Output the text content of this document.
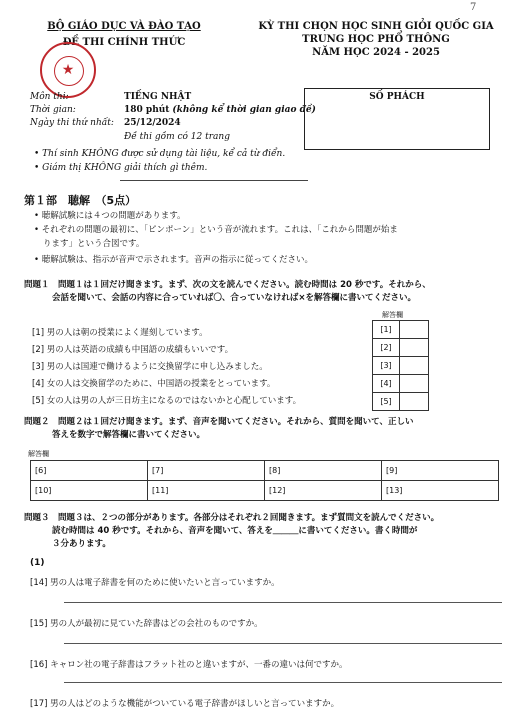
7
BỘ GIÁO DỤC VÀ ĐÀO TẠO
ĐỀ THI CHÍNH THỨC
★
KỲ THI CHỌN HỌC SINH GIỎI QUỐC GIA
TRUNG HỌC PHỔ THÔNG
NĂM HỌC 2024 - 2025
Môn thi:	TIẾNG NHẬT
Thời gian:	180 phút (không kể thời gian giao đề)
Ngày thi thứ nhất: 25/12/2024
Đề thi gồm có 12 trang
SỐ PHÁCH
• Thí sinh KHÔNG được sử dụng tài liệu, kể cả từ điển.
• Giám thị KHÔNG giải thích gì thêm.
第１部　聴解　（5点）
• 聴解試験には４つの問題があります。
• それぞれの問題の最初に、「ピンポーン」という音が流れます。これは、「これから問題が始ま
ります」という合図です。
• 聴解試験は、指示が音声で示されます。音声の指示に従ってください。
問題１　問題１は１回だけ聞きます。まず、次の文を読んでください。読む時間は 20 秒です。それから、
会話を聞いて、会話の内容に合っていれば〇、合っていなければ×を解答欄に書いてください。
解答欄
[1] 男の人は朝の授業によく遅刻しています。
[2] 男の人は英語の成績も中国語の成績もいいです。
[3] 男の人は国連で働けるように交換留学に申し込みました。
[4] 女の人は交換留学のために、中国語の授業をとっています。
[5] 女の人は男の人が三日坊主になるのではないかと心配しています。
[1]	
[2]	
[3]	
[4]	
[5]	
問題２　問題２は１回だけ聞きます。まず、音声を聞いてください。それから、質問を聞いて、正しい
答えを数字で解答欄に書いてください。
解答欄
[6]	[7]	[8]	[9]
[10]	[11]	[12]	[13]
問題３　問題３は、２つの部分があります。各部分はそれぞれ２回聞きます。まず質問文を読んでください。
読む時間は 40 秒です。それから、音声を聞いて、答えを＿＿＿に書いてください。書く時間が
３分あります。
(1)
[14] 男の人は電子辞書を何のために使いたいと言っていますか。
[15] 男の人が最初に見ていた辞書はどの会社のものですか。
[16] キャロン社の電子辞書はフラット社のと違いますが、一番の違いは何ですか。
[17] 男の人はどのような機能がついている電子辞書がほしいと言っていますか。
